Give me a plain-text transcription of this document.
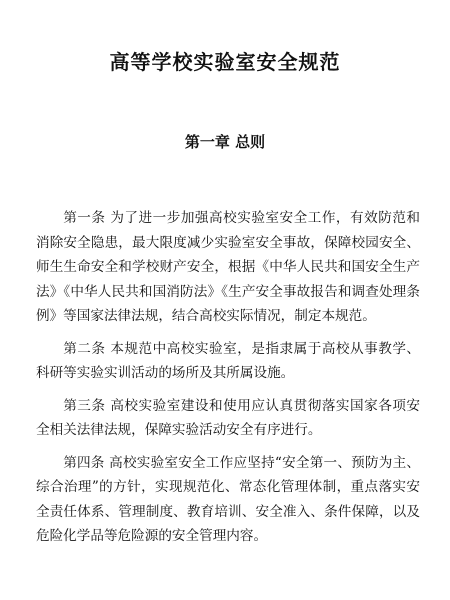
高等学校实验室安全规范
第一章 总则

第一条 为了进一步加强高校实验室安全工作，有效防范和消除安全隐患，最大限度减少实验室安全事故，保障校园安全、师生生命安全和学校财产安全，根据《中华人民共和国安全生产法》《中华人民共和国消防法》《生产安全事故报告和调查处理条例》等国家法律法规，结合高校实际情况，制定本规范。

第二条 本规范中高校实验室，是指隶属于高校从事教学、科研等实验实训活动的场所及其所属设施。

第三条 高校实验室建设和使用应认真贯彻落实国家各项安全相关法律法规，保障实验活动安全有序进行。

第四条 高校实验室安全工作应坚持“安全第一、预防为主、综合治理”的方针，实现规范化、常态化管理体制，重点落实安全责任体系、管理制度、教育培训、安全准入、条件保障，以及危险化学品等危险源的安全管理内容。
